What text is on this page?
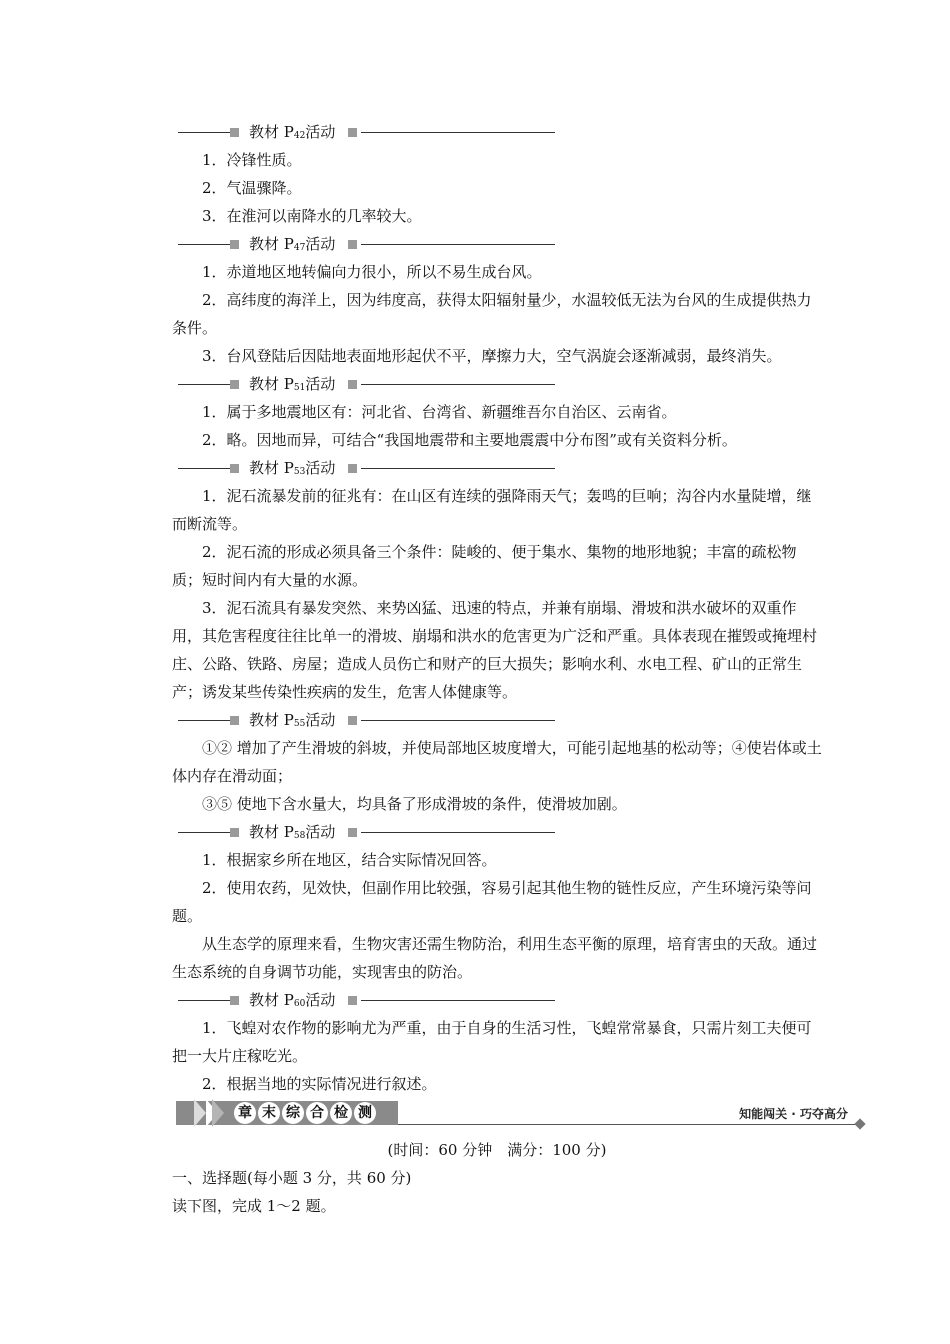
教材 $P_{42}$活动

1．冷锋性质。

2．气温骤降。

3．在淮河以南降水的几率较大。

教材 $P_{47}$活动

1．赤道地区地转偏向力很小，所以不易生成台风。

2．高纬度的海洋上，因为纬度高，获得太阳辐射量少，水温较低无法为台风的生成提供热力条件。

3．台风登陆后因陆地表面地形起伏不平，摩擦力大，空气涡旋会逐渐减弱，最终消失。

教材 $P_{51}$活动

1．属于多地震地区有：河北省、台湾省、新疆维吾尔自治区、云南省。

2．略。因地而异，可结合“我国地震带和主要地震震中分布图”或有关资料分析。

教材 $P_{53}$活动

1．泥石流暴发前的征兆有：在山区有连续的强降雨天气；轰鸣的巨响；沟谷内水量陡增，继而断流等。

2．泥石流的形成必须具备三个条件：陡峻的、便于集水、集物的地形地貌；丰富的疏松物质；短时间内有大量的水源。

3．泥石流具有暴发突然、来势凶猛、迅速的特点，并兼有崩塌、滑坡和洪水破坏的双重作用，其危害程度往往比单一的滑坡、崩塌和洪水的危害更为广泛和严重。具体表现在摧毁或掩埋村庄、公路、铁路、房屋；造成人员伤亡和财产的巨大损失；影响水利、水电工程、矿山的正常生产；诱发某些传染性疾病的发生，危害人体健康等。

教材 $P_{55}$活动

①② 增加了产生滑坡的斜坡，并使局部地区坡度增大，可能引起地基的松动等；④使岩体或土体内存在滑动面；

③⑤ 使地下含水量大，均具备了形成滑坡的条件，使滑坡加剧。

教材 $P_{58}$活动

1．根据家乡所在地区，结合实际情况回答。

2．使用农药，见效快，但副作用比较强，容易引起其他生物的链性反应，产生环境污染等问题。

从生态学的原理来看，生物灾害还需生物防治，利用生态平衡的原理，培育害虫的天敌。通过生态系统的自身调节功能，实现害虫的防治。

教材 $P_{60}$活动

1．飞蝗对农作物的影响尤为严重，由于自身的生活习性，飞蝗常常暴食，只需片刻工夫便可把一大片庄稼吃光。

2．根据当地的实际情况进行叙述。

章 末 综 合 检 测	知能闯关 · 巧夺高分

(时间：60 分钟　满分：100 分)

一、选择题(每小题 3 分，共 60 分)

读下图，完成 1～2 题。
